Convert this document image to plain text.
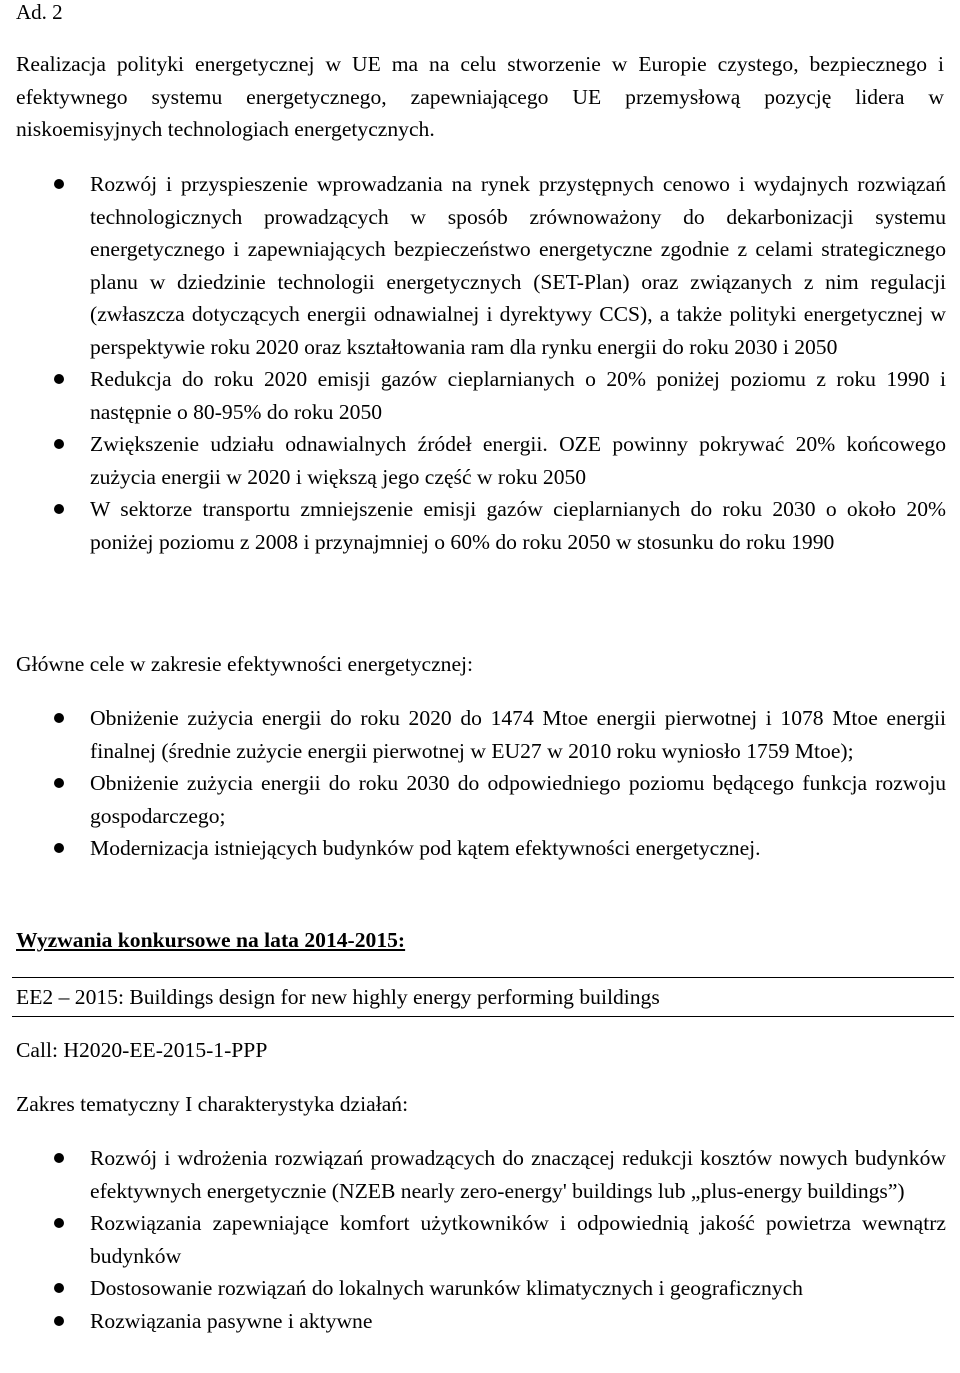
Ad. 2

Realizacja polityki energetycznej w UE ma na celu stworzenie w Europie czystego, bezpiecznego i efektywnego systemu energetycznego, zapewniającego UE przemysłową pozycję lidera w niskoemisyjnych technologiach energetycznych.

Rozwój i przyspieszenie wprowadzania na rynek przystępnych cenowo i wydajnych rozwiązań technologicznych prowadzących w sposób zrównoważony do dekarbonizacji systemu energetycznego i zapewniających bezpieczeństwo energetyczne zgodnie z celami strategicznego planu w dziedzinie technologii energetycznych (SET-Plan) oraz związanych z nim regulacji (zwłaszcza dotyczących energii odnawialnej i dyrektywy CCS), a także polityki energetycznej w perspektywie roku 2020 oraz kształtowania ram dla rynku energii do roku 2030 i 2050
Redukcja do roku 2020 emisji gazów cieplarnianych o 20% poniżej poziomu z roku 1990 i następnie o 80-95% do roku 2050
Zwiększenie udziału odnawialnych źródeł energii. OZE powinny pokrywać 20% końcowego zużycia energii w 2020 i większą jego część w roku 2050
W sektorze transportu zmniejszenie emisji gazów cieplarnianych do roku 2030 o około 20% poniżej poziomu z 2008 i przynajmniej o 60% do roku 2050 w stosunku do roku 1990

Główne cele w zakresie efektywności energetycznej:

Obniżenie zużycia energii do roku 2020 do 1474 Mtoe energii pierwotnej i 1078 Mtoe energii finalnej (średnie zużycie energii pierwotnej w EU27 w 2010 roku wyniosło 1759 Mtoe);
Obniżenie zużycia energii do roku 2030 do odpowiedniego poziomu będącego funkcja rozwoju gospodarczego;
Modernizacja istniejących budynków pod kątem efektywności energetycznej.

Wyzwania konkursowe na lata 2014-2015:

EE2 – 2015: Buildings design for new highly energy performing buildings

Call: H2020-EE-2015-1-PPP

Zakres tematyczny I charakterystyka działań:

Rozwój i wdrożenia rozwiązań prowadzących do znaczącej redukcji kosztów nowych budynków efektywnych energetycznie (NZEB nearly zero-energy' buildings lub „plus-energy buildings”)
Rozwiązania zapewniające komfort użytkowników i odpowiednią jakość powietrza wewnątrz budynków
Dostosowanie rozwiązań do lokalnych warunków klimatycznych i geograficznych
Rozwiązania pasywne i aktywne
